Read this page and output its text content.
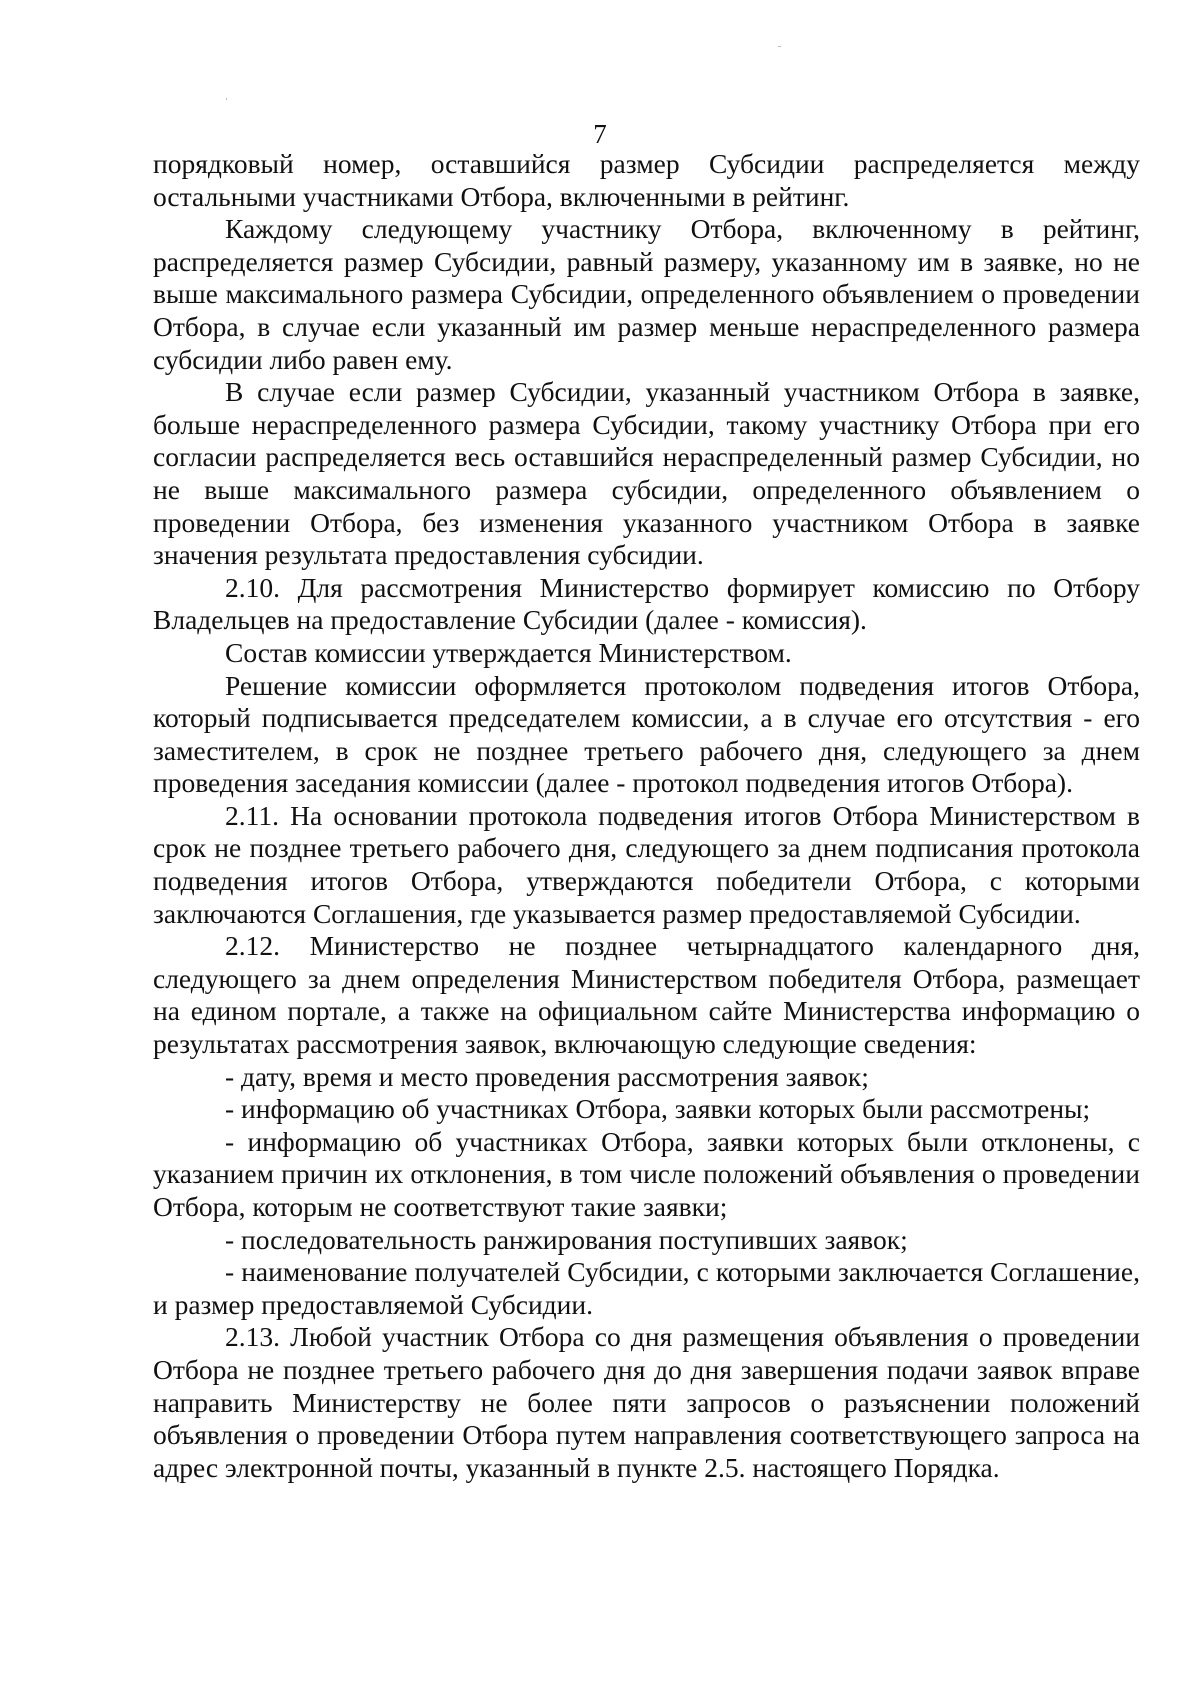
7

порядковый номер, оставшийся размер Субсидии распределяется между остальными участниками Отбора, включенными в рейтинг.

Каждому следующему участнику Отбора, включенному в рейтинг, распределяется размер Субсидии, равный размеру, указанному им в заявке, но не выше максимального размера Субсидии, определенного объявлением о проведении Отбора, в случае если указанный им размер меньше нераспределенного размера субсидии либо равен ему.

В случае если размер Субсидии, указанный участником Отбора в заявке, больше нераспределенного размера Субсидии, такому участнику Отбора при его согласии распределяется весь оставшийся нераспределенный размер Субсидии, но не выше максимального размера субсидии, определенного объявлением о проведении Отбора, без изменения указанного участником Отбора в заявке значения результата предоставления субсидии.

2.10. Для рассмотрения Министерство формирует комиссию по Отбору Владельцев на предоставление Субсидии (далее - комиссия).

Состав комиссии утверждается Министерством.

Решение комиссии оформляется протоколом подведения итогов Отбора, который подписывается председателем комиссии, а в случае его отсутствия - его заместителем, в срок не позднее третьего рабочего дня, следующего за днем проведения заседания комиссии (далее - протокол подведения итогов Отбора).

2.11. На основании протокола подведения итогов Отбора Министерством в срок не позднее третьего рабочего дня, следующего за днем подписания протокола подведения итогов Отбора, утверждаются победители Отбора, с которыми заключаются Соглашения, где указывается размер предоставляемой Субсидии.

2.12. Министерство не позднее четырнадцатого календарного дня, следующего за днем определения Министерством победителя Отбора, размещает на едином портале, а также на официальном сайте Министерства информацию о результатах рассмотрения заявок, включающую следующие сведения:

- дату, время и место проведения рассмотрения заявок;

- информацию об участниках Отбора, заявки которых были рассмотрены;

- информацию об участниках Отбора, заявки которых были отклонены, с указанием причин их отклонения, в том числе положений объявления о проведении Отбора, которым не соответствуют такие заявки;

- последовательность ранжирования поступивших заявок;

- наименование получателей Субсидии, с которыми заключается Соглашение, и размер предоставляемой Субсидии.

2.13. Любой участник Отбора со дня размещения объявления о проведении Отбора не позднее третьего рабочего дня до дня завершения подачи заявок вправе направить Министерству не более пяти запросов о разъяснении положений объявления о проведении Отбора путем направления соответствующего запроса на адрес электронной почты, указанный в пункте 2.5. настоящего Порядка.
